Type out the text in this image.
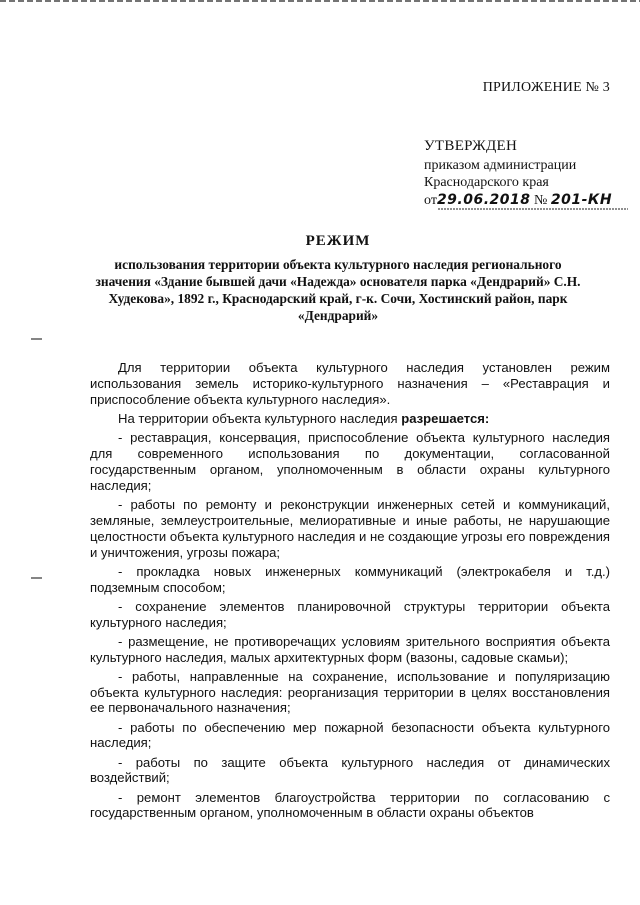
ПРИЛОЖЕНИЕ № 3
УТВЕРЖДЕН
приказом администрации
Краснодарского края
от29.06.2018 № 201-КН
РЕЖИМ
использования территории объекта культурного наследия регионального значения «Здание бывшей дачи «Надежда» основателя парка «Дендрарий» С.Н. Худекова», 1892 г., Краснодарский край, г-к. Сочи, Хостинский район, парк «Дендрарий»

Для территории объекта культурного наследия установлен режим использования земель историко-культурного назначения – «Реставрация и приспособление объекта культурного наследия».

На территории объекта культурного наследия разрешается:

- реставрация, консервация, приспособление объекта культурного наследия для современного использования по документации, согласованной государственным органом, уполномоченным в области охраны культурного наследия;

- работы по ремонту и реконструкции инженерных сетей и коммуникаций, земляные, землеустроительные, мелиоративные и иные работы, не нарушающие целостности объекта культурного наследия и не создающие угрозы его повреждения и уничтожения, угрозы пожара;

- прокладка новых инженерных коммуникаций (электрокабеля и т.д.) подземным способом;

- сохранение элементов планировочной структуры территории объекта культурного наследия;

- размещение, не противоречащих условиям зрительного восприятия объекта культурного наследия, малых архитектурных форм (вазоны, садовые скамьи);

- работы, направленные на сохранение, использование и популяризацию объекта культурного наследия: реорганизация территории в целях восстановления ее первоначального назначения;

- работы по обеспечению мер пожарной безопасности объекта культурного наследия;

- работы по защите объекта культурного наследия от динамических воздействий;

- ремонт элементов благоустройства территории по согласованию с государственным органом, уполномоченным в области охраны объектов
